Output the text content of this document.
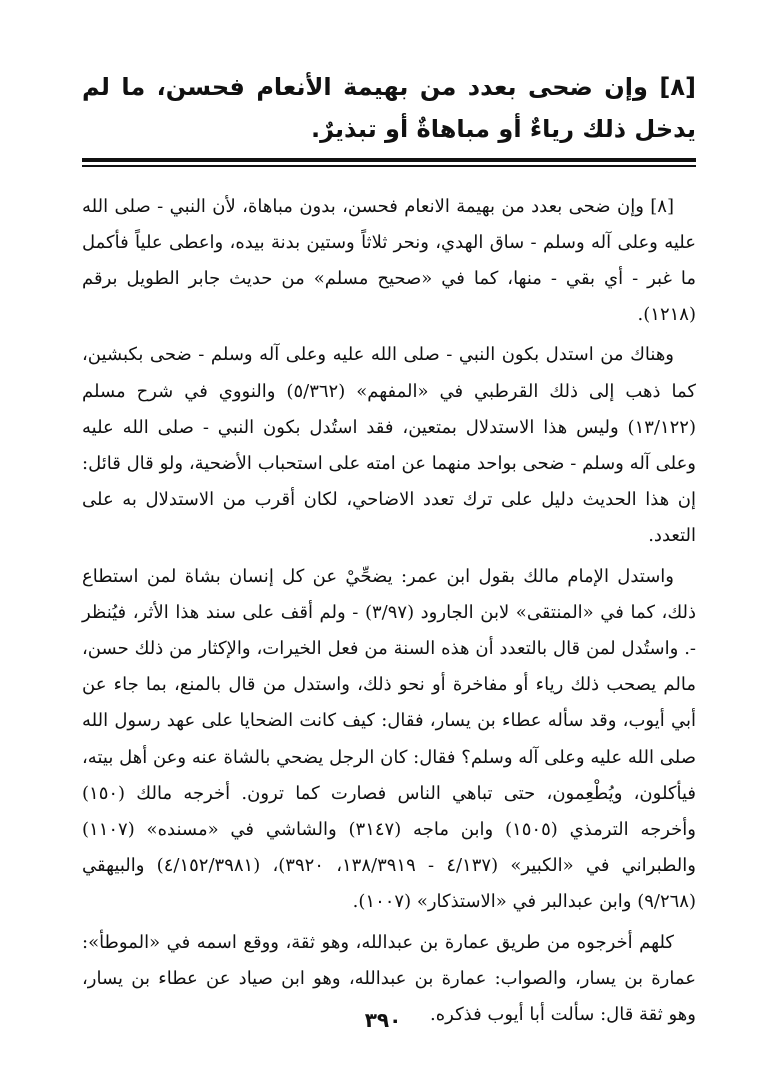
[٨] وإن ضحى بعدد من بهيمة الأنعام فحسن، ما لم يدخل ذلك رياءٌ أو مباهاةٌ أو تبذيرٌ.

[٨] وإن ضحى بعدد من بهيمة الانعام فحسن، بدون مباهاة، لأن النبي - صلى الله عليه وعلى آله وسلم - ساق الهدي، ونحر ثلاثاً وستين بدنة بيده، واعطى علياً فأكمل ما غبر - أي بقي - منها، كما في «صحيح مسلم» من حديث جابر الطويل برقم (١٢١٨).

وهناك من استدل بكون النبي - صلى الله عليه وعلى آله وسلم - ضحى بكبشين، كما ذهب إلى ذلك القرطبي في «المفهم» (٥/٣٦٢) والنووي في شرح مسلم (١٣/١٢٢) وليس هذا الاستدلال بمتعين، فقد استُدل بكون النبي - صلى الله عليه وعلى آله وسلم - ضحى بواحد منهما عن امته على استحباب الأضحية، ولو قال قائل: إن هذا الحديث دليل على ترك تعدد الاضاحي، لكان أقرب من الاستدلال به على التعدد.

واستدل الإمام مالك بقول ابن عمر: يضحِّيْ عن كل إنسان بشاة لمن استطاع ذلك، كما في «المنتقى» لابن الجارود (٣/٩٧) - ولم أقف على سند هذا الأثر، فيُنظر -. واستُدل لمن قال بالتعدد أن هذه السنة من فعل الخيرات، والإكثار من ذلك حسن، مالم يصحب ذلك رياء أو مفاخرة أو نحو ذلك، واستدل من قال بالمنع، بما جاء عن أبي أيوب، وقد سأله عطاء بن يسار، فقال: كيف كانت الضحايا على عهد رسول الله صلى الله عليه وعلى آله وسلم؟ فقال: كان الرجل يضحي بالشاة عنه وعن أهل بيته، فيأكلون، ويُطْعِمون، حتى تباهي الناس فصارت كما ترون. أخرجه مالك (١٥٠) وأخرجه الترمذي (١٥٠٥) وابن ماجه (٣١٤٧) والشاشي في «مسنده» (١١٠٧) والطبراني في «الكبير» (٤/١٣٧ - ١٣٨/٣٩١٩، ٣٩٢٠)، (٤/١٥٢/٣٩٨١) والبيهقي (٩/٢٦٨) وابن عبدالبر في «الاستذكار» (١٠٠٧).

كلهم أخرجوه من طريق عمارة بن عبدالله، وهو ثقة، ووقع اسمه في «الموطأ»: عمارة بن يسار، والصواب: عمارة بن عبدالله، وهو ابن صياد عن عطاء بن يسار، وهو ثقة قال: سألت أبا أيوب فذكره.

٣٩٠
